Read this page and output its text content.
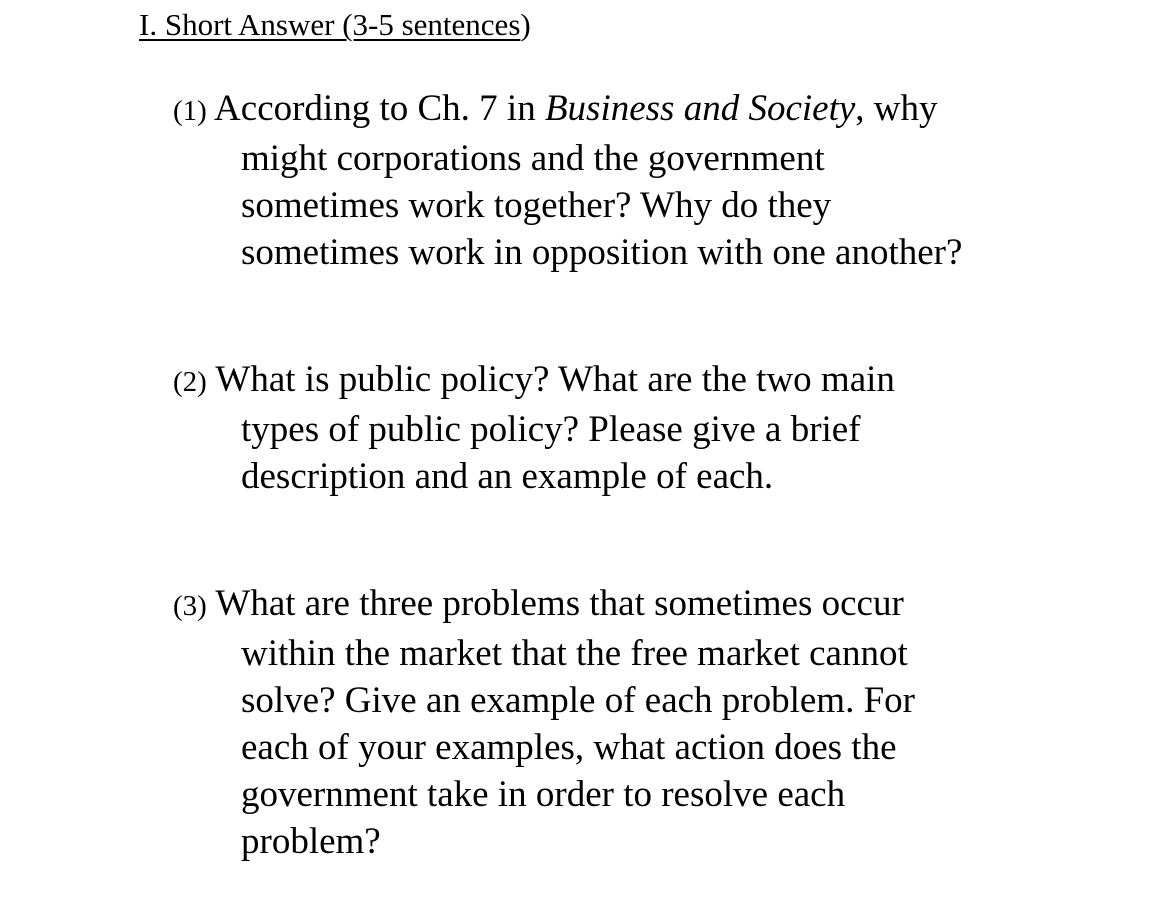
I. Short Answer (3-5 sentences)
(1) According to Ch. 7 in Business and Society, why
might corporations and the government
sometimes work together? Why do they
sometimes work in opposition with one another?
(2) What is public policy? What are the two main
types of public policy? Please give a brief
description and an example of each.
(3) What are three problems that sometimes occur
within the market that the free market cannot
solve? Give an example of each problem. For
each of your examples, what action does the
government take in order to resolve each
problem?
